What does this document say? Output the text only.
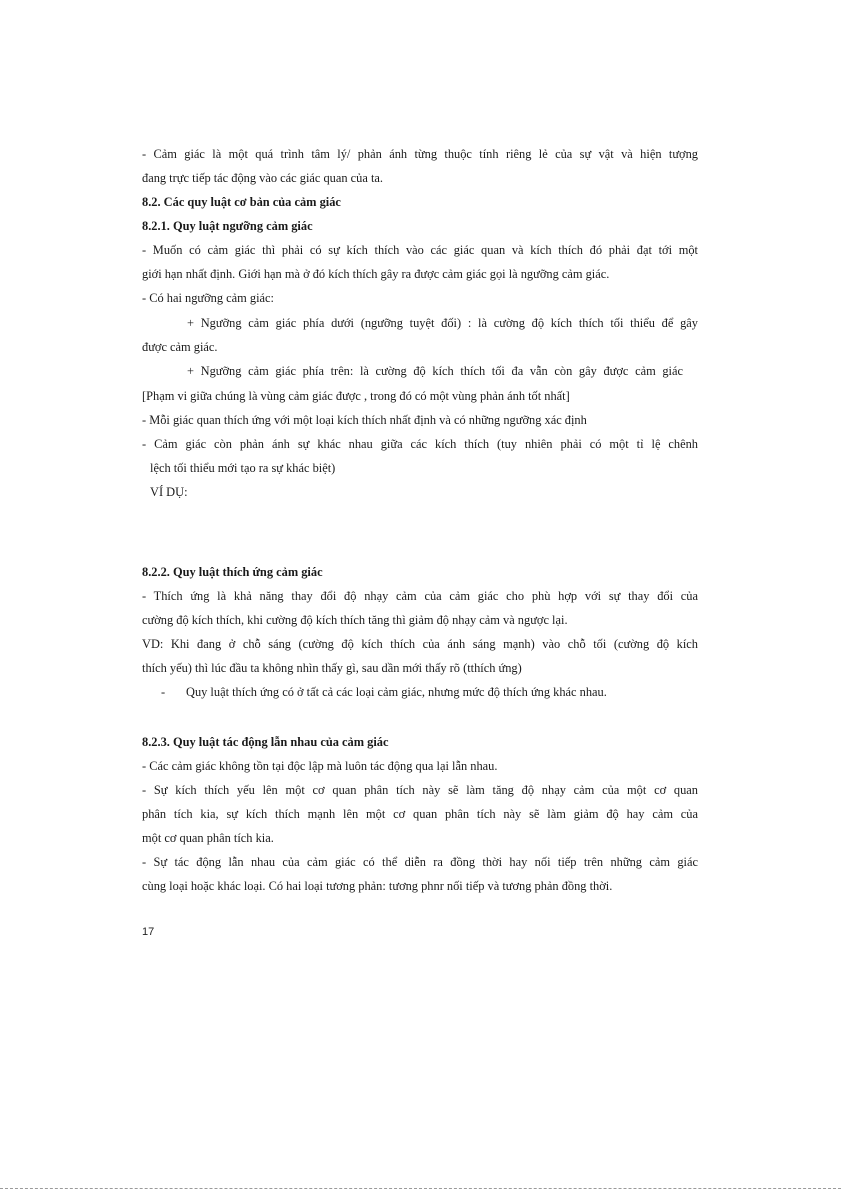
- Cảm giác là một quá trình tâm lý/ phản ánh từng thuộc tính riêng lẻ của sự vật và hiện tượng

đang trực tiếp tác động vào các giác quan của ta.

8.2. Các quy luật cơ bản của cảm giác

8.2.1. Quy luật ngưỡng cảm giác

- Muốn có cảm giác thì phải có sự kích thích vào các giác quan và kích thích đó phải đạt tới một

giới hạn nhất định. Giới hạn mà ở đó kích thích gây ra được cảm giác gọi là ngưỡng cảm giác.

- Có hai ngưỡng cảm giác:

+ Ngưỡng cảm giác phía dưới (ngưỡng tuyệt đối) : là cường độ kích thích tối thiểu để gây

được cảm giác.

+ Ngưỡng cảm giác phía trên: là cường độ kích thích tối đa vẫn còn gây được cảm giác

[Phạm vi giữa chúng là vùng cảm giác được , trong đó có một vùng phản ánh tốt nhất]

- Mỗi giác quan thích ứng với một loại kích thích nhất định và có những ngưỡng xác định

- Cảm giác còn phản ánh sự khác nhau giữa các kích thích (tuy nhiên phải có một tỉ lệ chênh

lệch tối thiểu mới tạo ra sự khác biệt)

VÍ DỤ:

8.2.2. Quy luật thích ứng cảm giác

- Thích ứng là khả năng thay đổi độ nhạy cảm của cảm giác cho phù hợp với sự thay đổi của

cường độ kích thích, khi cường độ kích thích tăng thì giảm độ nhạy cảm và ngược lại.

VD: Khi đang ở chỗ sáng (cường độ kích thích của ánh sáng mạnh) vào chỗ tối (cường độ kích

thích yếu) thì lúc đầu ta không nhìn thấy gì, sau dần mới thấy rõ (tthích ứng)

- Quy luật thích ứng có ở tất cả các loại cảm giác, nhưng mức độ thích ứng khác nhau.

8.2.3. Quy luật tác động lẫn nhau của cảm giác

- Các cảm giác không tồn tại độc lập mà luôn tác động qua lại lẫn nhau.

- Sự kích thích yếu lên một cơ quan phân tích này sẽ làm tăng độ nhạy cảm của một cơ quan

phân tích kia, sự kích thích mạnh lên một cơ quan phân tích này sẽ làm giảm độ hay cảm của

một cơ quan phân tích kia.

- Sự tác động lẫn nhau của cảm giác có thể diễn ra đồng thời hay nối tiếp trên những cảm giác

cùng loại hoặc khác loại. Có hai loại tương phản: tương phnr nối tiếp và tương phản đồng thời.

17
